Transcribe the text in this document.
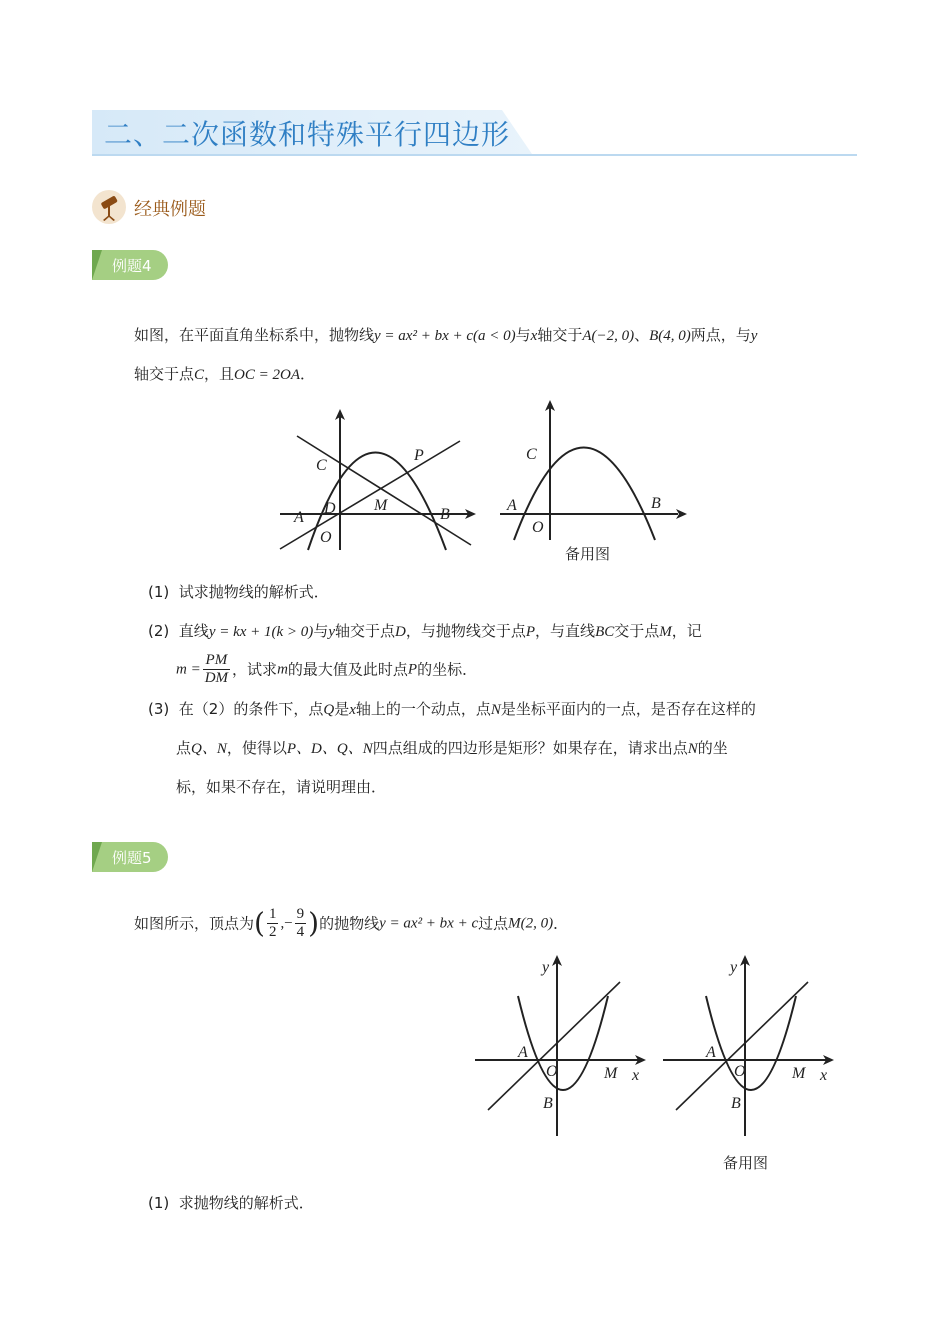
二、二次函数和特殊平行四边形
经典例题
例题4
如图，在平面直角坐标系中，抛物线y = ax² + bx + c(a < 0)与x轴交于A(−2, 0)、B(4, 0)两点，与y
轴交于点C，且OC = 2OA．
C
P
M
A
D	B
O
C
A	B
O
备用图
(1) 试求抛物线的解析式．
(2) 直线y = kx + 1(k > 0)与y轴交于点D，与抛物线交于点P，与直线BC交于点M，记
$m = \frac{PM}{DM}$ ，试求m的最大值及此时点P的坐标．
(3) 在（2）的条件下，点Q是x轴上的一个动点，点N是坐标平面内的一点，是否存在这样的
点Q、N，使得以P、D、Q、N四点组成的四边形是矩形？如果存在，请求出点N的坐
标，如果不存在，请说明理由．
例题5
如图所示，顶点为( $\frac{1}{2}$ ,− $\frac{9}{4}$ )的抛物线y = ax² + bx + c过点M(2, 0)．
y
x
A
O	M
B
y
x
A
O	M
B
备用图
(1) 求抛物线的解析式．
